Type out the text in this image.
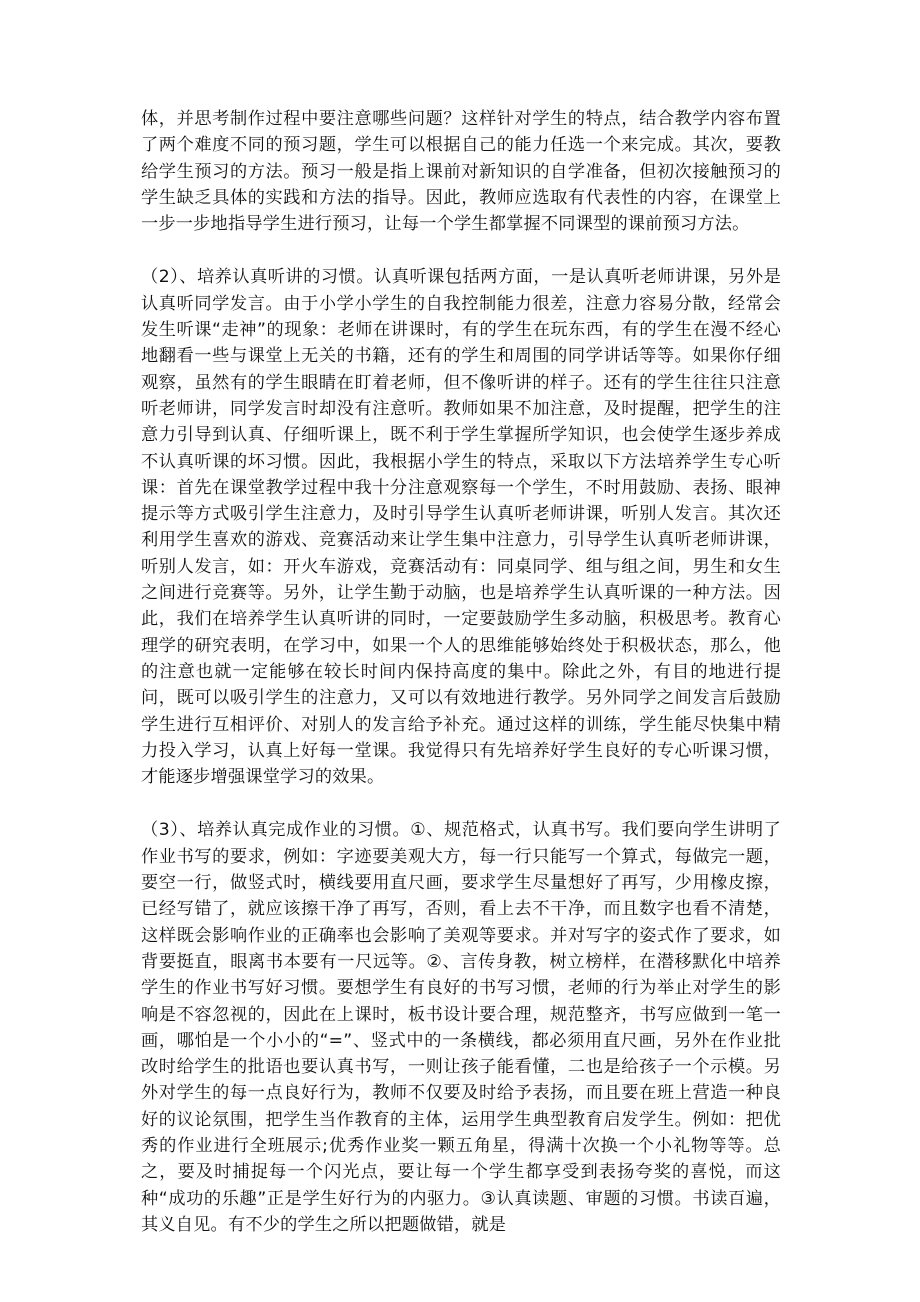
体，并思考制作过程中要注意哪些问题？这样针对学生的特点，结合教学内容布置了两个难度不同的预习题，学生可以根据自己的能力任选一个来完成。其次，要教给学生预习的方法。预习一般是指上课前对新知识的自学准备，但初次接触预习的学生缺乏具体的实践和方法的指导。因此，教师应选取有代表性的内容，在课堂上一步一步地指导学生进行预习，让每一个学生都掌握不同课型的课前预习方法。

（2）、培养认真听讲的习惯。认真听课包括两方面，一是认真听老师讲课，另外是认真听同学发言。由于小学小学生的自我控制能力很差，注意力容易分散，经常会发生听课“走神”的现象：老师在讲课时，有的学生在玩东西，有的学生在漫不经心地翻看一些与课堂上无关的书籍，还有的学生和周围的同学讲话等等。如果你仔细观察，虽然有的学生眼睛在盯着老师，但不像听讲的样子。还有的学生往往只注意听老师讲，同学发言时却没有注意听。教师如果不加注意，及时提醒，把学生的注意力引导到认真、仔细听课上，既不利于学生掌握所学知识，也会使学生逐步养成不认真听课的坏习惯。因此，我根据小学生的特点，采取以下方法培养学生专心听课：首先在课堂教学过程中我十分注意观察每一个学生，不时用鼓励、表扬、眼神提示等方式吸引学生注意力，及时引导学生认真听老师讲课，听别人发言。其次还利用学生喜欢的游戏、竞赛活动来让学生集中注意力，引导学生认真听老师讲课，听别人发言，如：开火车游戏，竞赛活动有：同桌同学、组与组之间，男生和女生之间进行竞赛等。另外，让学生勤于动脑，也是培养学生认真听课的一种方法。因此，我们在培养学生认真听讲的同时，一定要鼓励学生多动脑，积极思考。教育心理学的研究表明，在学习中，如果一个人的思维能够始终处于积极状态，那么，他的注意也就一定能够在较长时间内保持高度的集中。除此之外，有目的地进行提问，既可以吸引学生的注意力，又可以有效地进行教学。另外同学之间发言后鼓励学生进行互相评价、对别人的发言给予补充。通过这样的训练，学生能尽快集中精力投入学习，认真上好每一堂课。我觉得只有先培养好学生良好的专心听课习惯，才能逐步增强课堂学习的效果。

（3）、培养认真完成作业的习惯。①、规范格式，认真书写。我们要向学生讲明了作业书写的要求，例如：字迹要美观大方，每一行只能写一个算式，每做完一题，要空一行，做竖式时，横线要用直尺画，要求学生尽量想好了再写，少用橡皮擦，已经写错了，就应该擦干净了再写，否则，看上去不干净，而且数字也看不清楚，这样既会影响作业的正确率也会影响了美观等要求。并对写字的姿式作了要求，如背要挺直，眼离书本要有一尺远等。②、言传身教，树立榜样，在潜移默化中培养学生的作业书写好习惯。要想学生有良好的书写习惯，老师的行为举止对学生的影响是不容忽视的，因此在上课时，板书设计要合理，规范整齐，书写应做到一笔一画，哪怕是一个小小的“=”、竖式中的一条横线，都必须用直尺画，另外在作业批改时给学生的批语也要认真书写，一则让孩子能看懂，二也是给孩子一个示模。另外对学生的每一点良好行为，教师不仅要及时给予表扬，而且要在班上营造一种良好的议论氛围，把学生当作教育的主体，运用学生典型教育启发学生。例如：把优秀的作业进行全班展示;优秀作业奖一颗五角星，得满十次换一个小礼物等等。总之，要及时捕捉每一个闪光点，要让每一个学生都享受到表扬夸奖的喜悦，而这种“成功的乐趣”正是学生好行为的内驱力。③认真读题、审题的习惯。书读百遍，其义自见。有不少的学生之所以把题做错，就是
